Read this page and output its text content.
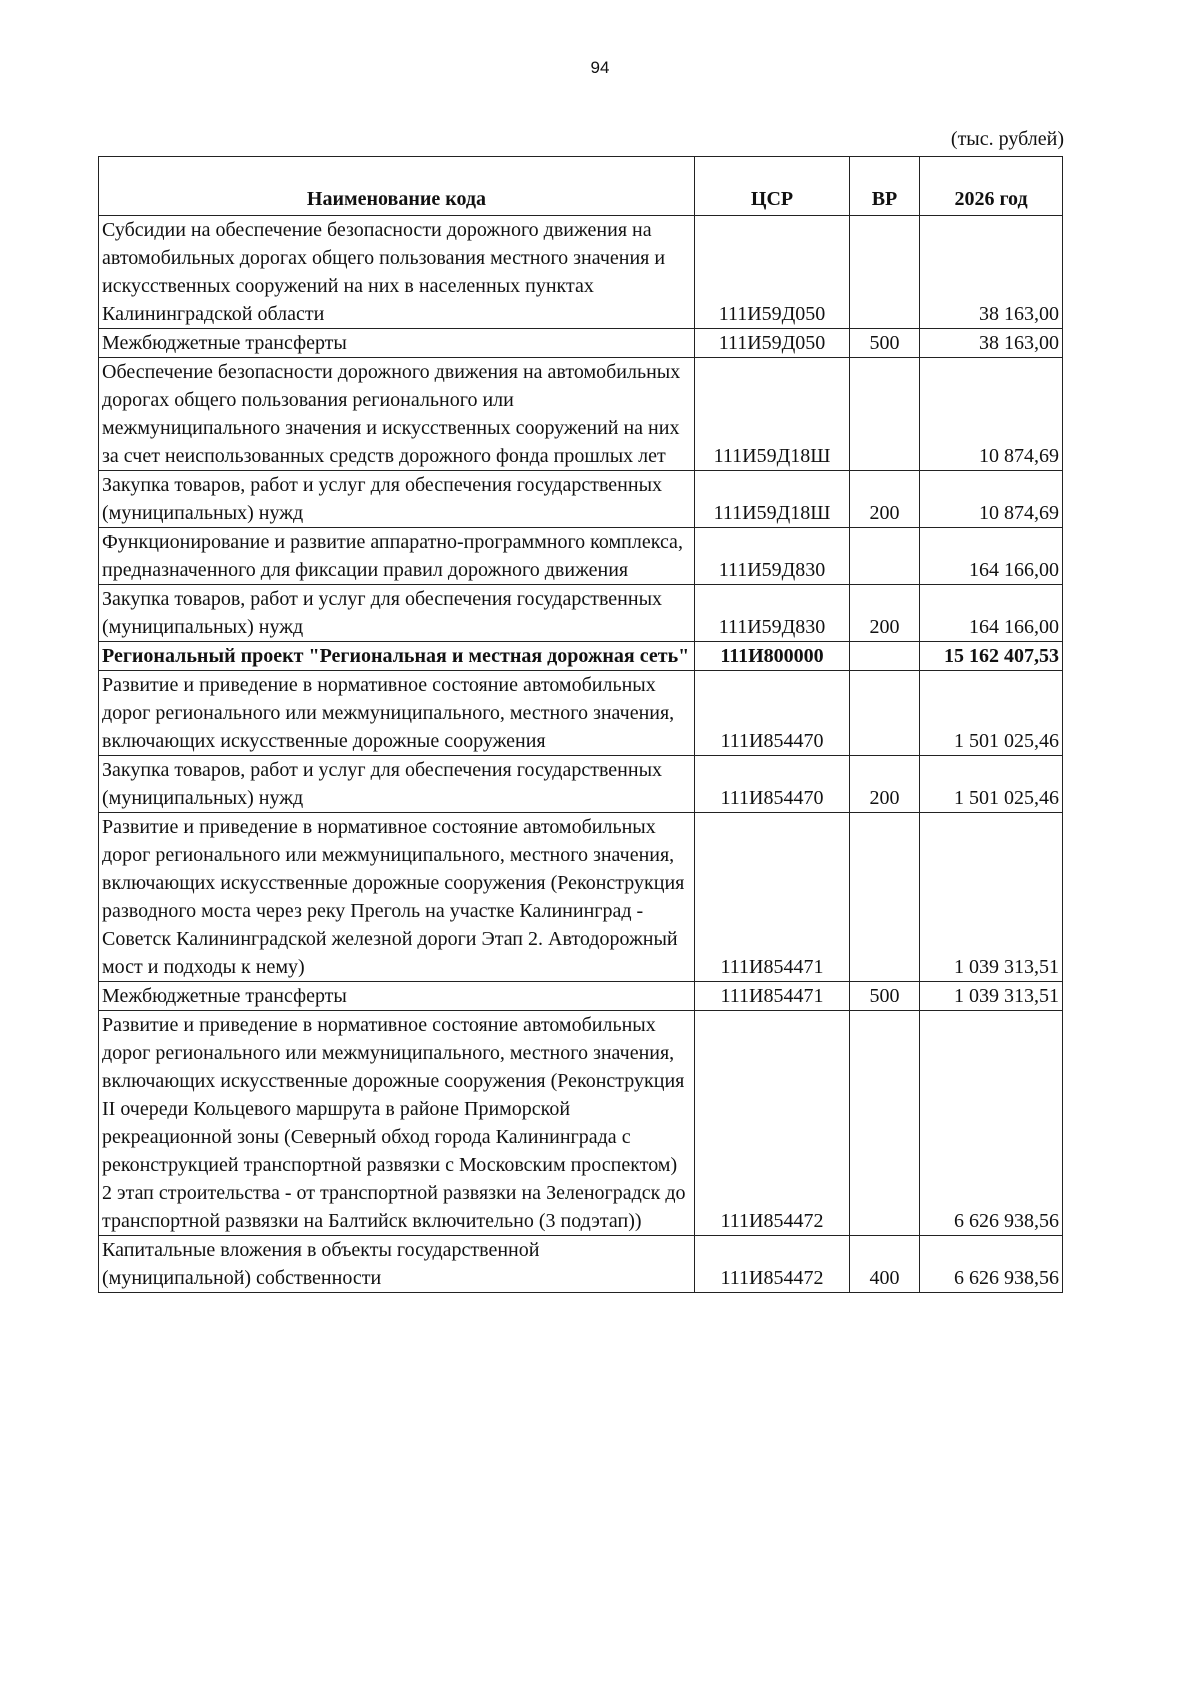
94
(тыс. рублей)
Наименование кода	ЦСР	ВР	2026 год
Субсидии на обеспечение безопасности дорожного движения на автомобильных дорогах общего пользования местного значения и искусственных сооружений на них в населенных пунктах Калининградской области	111И59Д050		38 163,00
Межбюджетные трансферты	111И59Д050	500	38 163,00
Обеспечение безопасности дорожного движения на автомобильных дорогах общего пользования регионального или межмуниципального значения и искусственных сооружений на них за счет неиспользованных средств дорожного фонда прошлых лет	111И59Д18Ш		10 874,69
Закупка товаров, работ и услуг для обеспечения государственных (муниципальных) нужд	111И59Д18Ш	200	10 874,69
Функционирование и развитие аппаратно-программного комплекса, предназначенного для фиксации правил дорожного движения	111И59Д830		164 166,00
Закупка товаров, работ и услуг для обеспечения государственных (муниципальных) нужд	111И59Д830	200	164 166,00
Региональный проект "Региональная и местная дорожная сеть"	111И800000		15 162 407,53
Развитие и приведение в нормативное состояние автомобильных дорог регионального или межмуниципального, местного значения, включающих искусственные дорожные сооружения	111И854470		1 501 025,46
Закупка товаров, работ и услуг для обеспечения государственных (муниципальных) нужд	111И854470	200	1 501 025,46
Развитие и приведение в нормативное состояние автомобильных дорог регионального или межмуниципального, местного значения, включающих искусственные дорожные сооружения (Реконструкция разводного моста через реку Преголь на участке Калининград - Советск Калининградской железной дороги Этап 2. Автодорожный мост и подходы к нему)	111И854471		1 039 313,51
Межбюджетные трансферты	111И854471	500	1 039 313,51
Развитие и приведение в нормативное состояние автомобильных дорог регионального или межмуниципального, местного значения, включающих искусственные дорожные сооружения (Реконструкция II очереди Кольцевого маршрута в районе Приморской рекреационной зоны (Северный обход города Калининграда с реконструкцией транспортной развязки с Московским проспектом) 2 этап строительства - от транспортной развязки на Зеленоградск до транспортной развязки на Балтийск включительно (3 подэтап))	111И854472		6 626 938,56
Капитальные вложения в объекты государственной (муниципальной) собственности	111И854472	400	6 626 938,56
